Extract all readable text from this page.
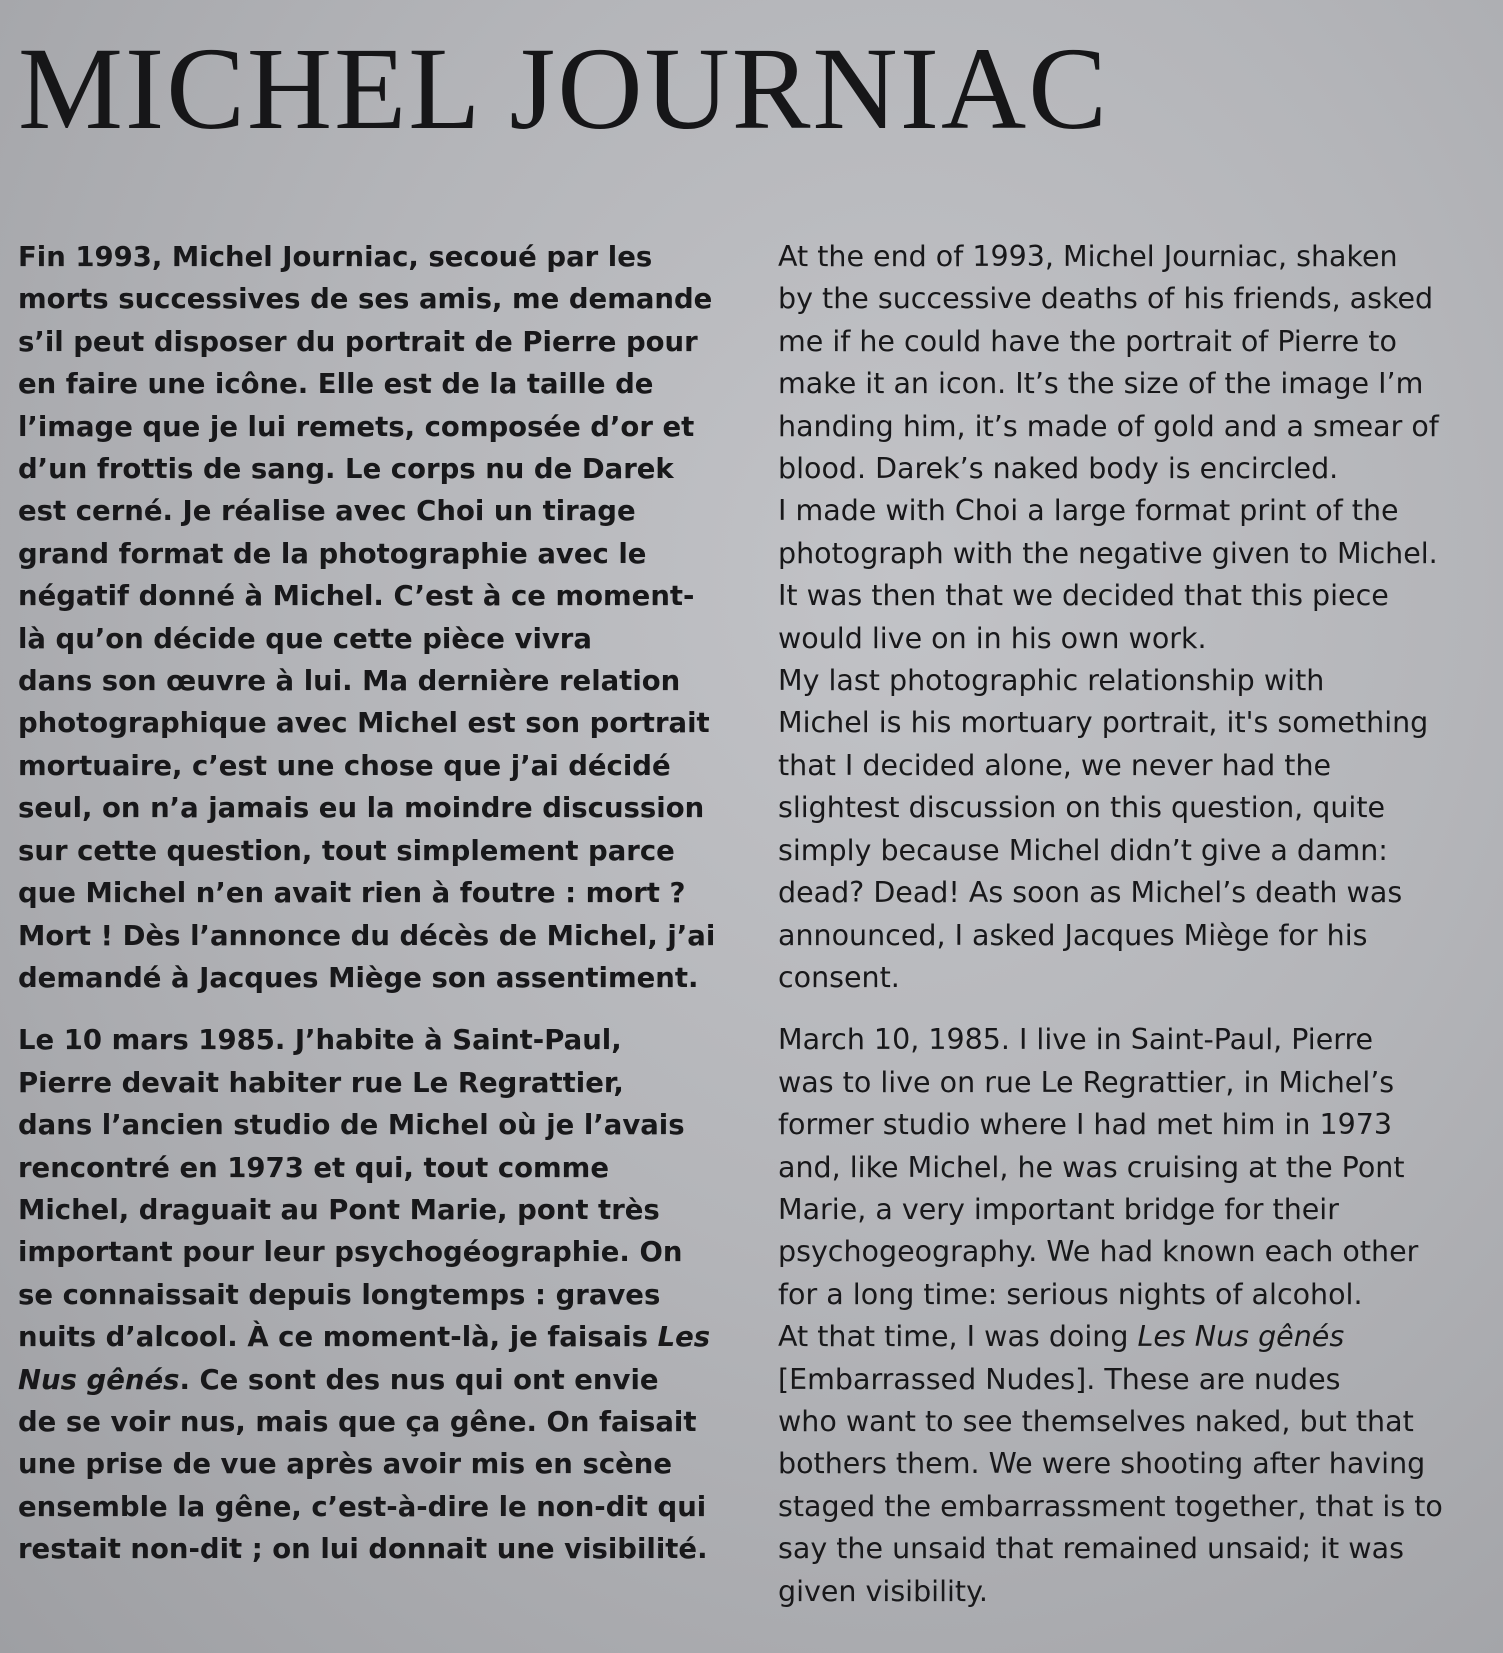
MICHEL JOURNIAC
Fin 1993, Michel Journiac, secoué par les
morts successives de ses amis, me demande
s’il peut disposer du portrait de Pierre pour
en faire une icône. Elle est de la taille de
l’image que je lui remets, composée d’or et
d’un frottis de sang. Le corps nu de Darek
est cerné. Je réalise avec Choi un tirage
grand format de la photographie avec le
négatif donné à Michel. C’est à ce moment-
là qu’on décide que cette pièce vivra
dans son œuvre à lui. Ma dernière relation
photographique avec Michel est son portrait
mortuaire, c’est une chose que j’ai décidé
seul, on n’a jamais eu la moindre discussion
sur cette question, tout simplement parce
que Michel n’en avait rien à foutre : mort ?
Mort ! Dès l’annonce du décès de Michel, j’ai
demandé à Jacques Miège son assentiment.
Le 10 mars 1985. J’habite à Saint-Paul,
Pierre devait habiter rue Le Regrattier,
dans l’ancien studio de Michel où je l’avais
rencontré en 1973 et qui, tout comme
Michel, draguait au Pont Marie, pont très
important pour leur psychogéographie. On
se connaissait depuis longtemps : graves
nuits d’alcool. À ce moment-là, je faisais Les
Nus gênés. Ce sont des nus qui ont envie
de se voir nus, mais que ça gêne. On faisait
une prise de vue après avoir mis en scène
ensemble la gêne, c’est-à-dire le non-dit qui
restait non-dit ; on lui donnait une visibilité.
At the end of 1993, Michel Journiac, shaken
by the successive deaths of his friends, asked
me if he could have the portrait of Pierre to
make it an icon. It’s the size of the image I’m
handing him, it’s made of gold and a smear of
blood. Darek’s naked body is encircled.
I made with Choi a large format print of the
photograph with the negative given to Michel.
It was then that we decided that this piece
would live on in his own work.
My last photographic relationship with
Michel is his mortuary portrait, it's something
that I decided alone, we never had the
slightest discussion on this question, quite
simply because Michel didn’t give a damn:
dead? Dead! As soon as Michel’s death was
announced, I asked Jacques Miège for his
consent.
March 10, 1985. I live in Saint-Paul, Pierre
was to live on rue Le Regrattier, in Michel’s
former studio where I had met him in 1973
and, like Michel, he was cruising at the Pont
Marie, a very important bridge for their
psychogeography. We had known each other
for a long time: serious nights of alcohol.
At that time, I was doing Les Nus gênés
[Embarrassed Nudes]. These are nudes
who want to see themselves naked, but that
bothers them. We were shooting after having
staged the embarrassment together, that is to
say the unsaid that remained unsaid; it was
given visibility.
